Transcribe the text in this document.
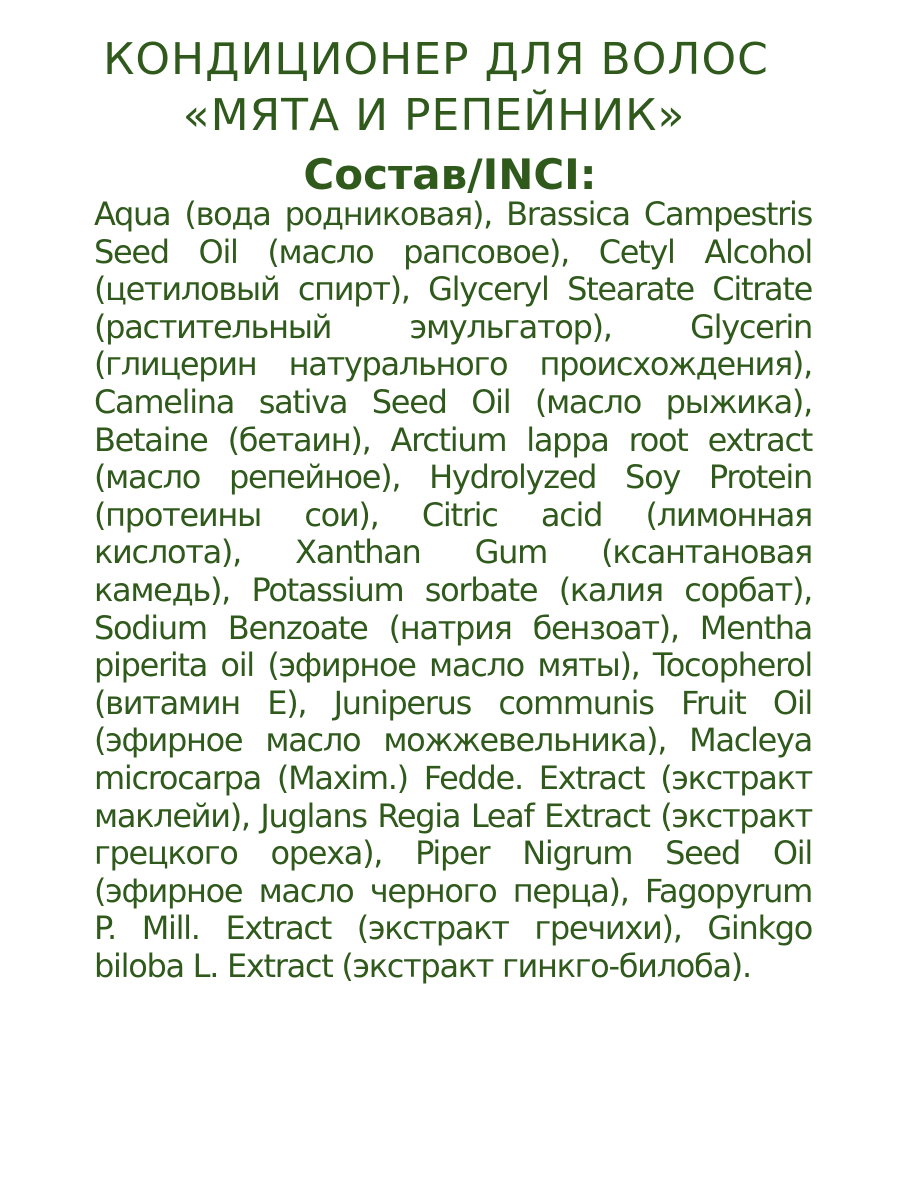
КОНДИЦИОНЕР ДЛЯ ВОЛОС
«МЯТА И РЕПЕЙНИК»
Состав/INCI:

Aqua (вода родниковая), Brassica Campestris Seed Oil (масло рапсовое), Cetyl Alcohol (цетиловый спирт), Glyceryl Stearate Citrate (растительный эмульгатор), Glycerin (глицерин натурального происхождения), Camelina sativa Seed Oil (масло рыжика), Betaine (бетаин), Arctium lappa root extract (масло репейное), Hydrolyzed Soy Protein (протеины сои), Citric acid (лимонная кислота), Xanthan Gum (ксантановая камедь), Potassium sorbate (калия сорбат), Sodium Benzoate (натрия бензоат), Mentha piperita oil (эфирное масло мяты), Tocopherol (витамин E), Juniperus communis Fruit Oil (эфирное масло можжевельника), Macleya microcarpa (Maxim.) Fedde. Extract (экстракт маклейи), Juglans Regia Leaf Extract (экстракт грецкого ореха), Piper Nigrum Seed Oil (эфирное масло черного перца), Fagopyrum P. Mill. Extract (экстракт гречихи), Ginkgo biloba L. Extract (экстракт гинкго-билоба).
